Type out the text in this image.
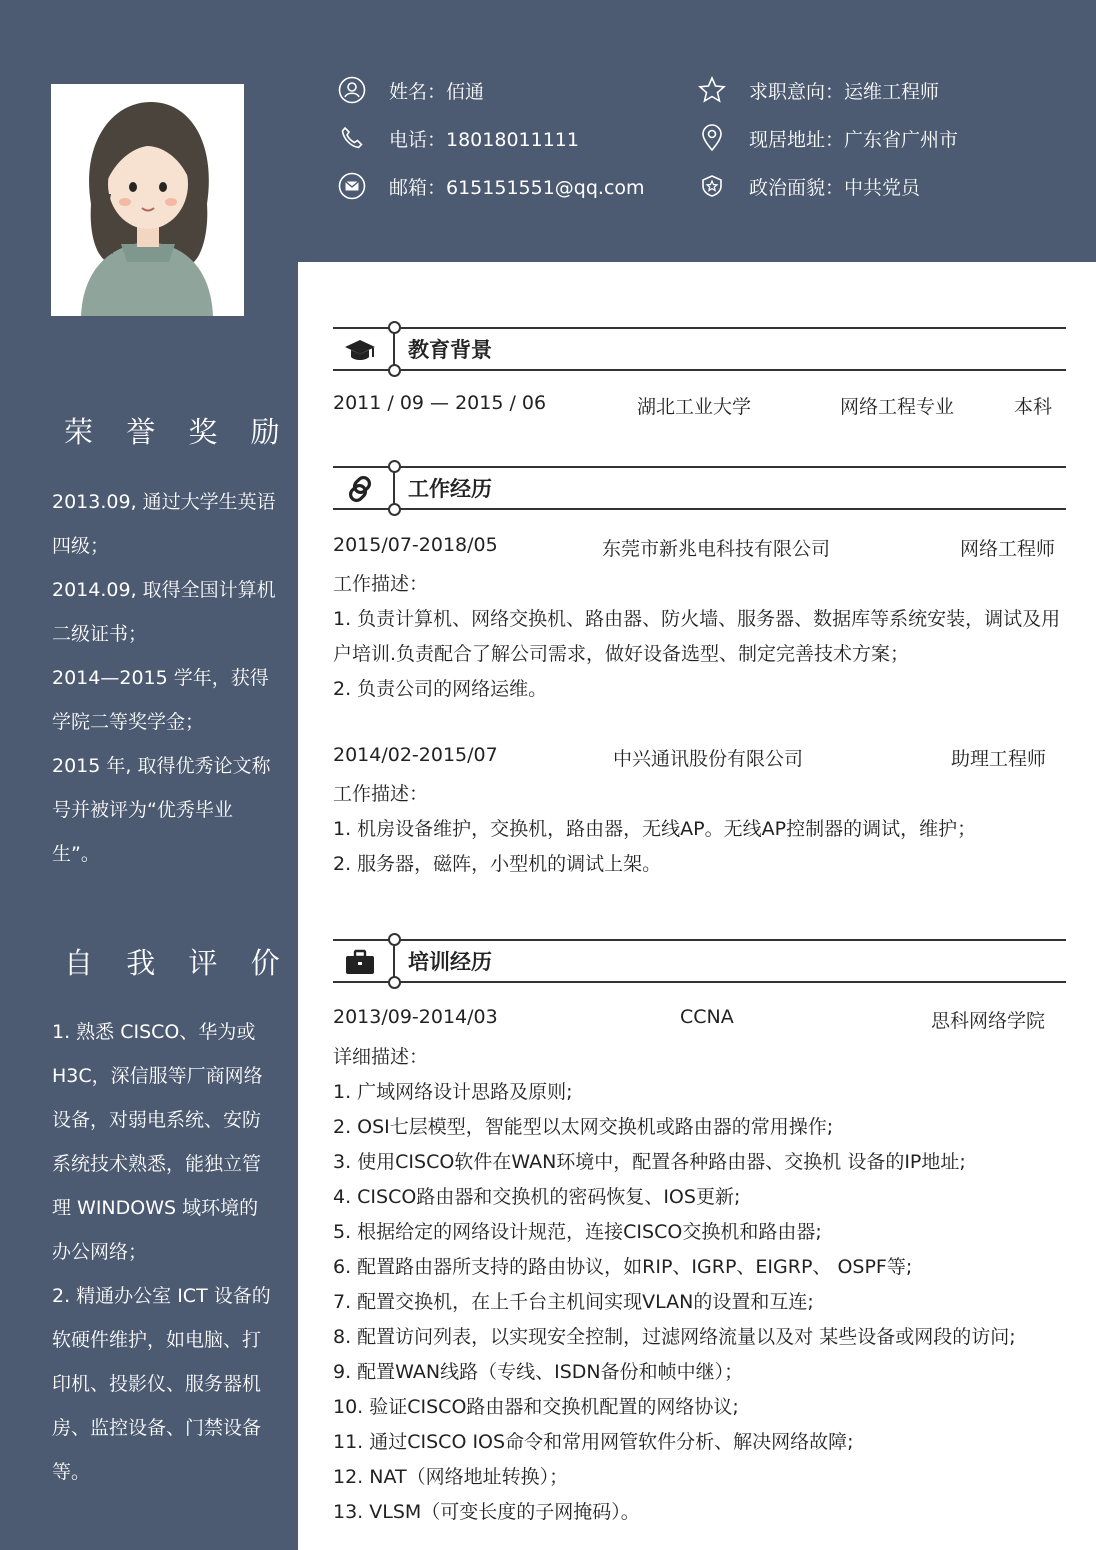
姓名：佰通	求职意向：运维工程师
电话：18018011111	现居地址：广东省广州市
邮箱：615151551@qq.com	政治面貌：中共党员
荣 誉 奖 励
2013.09, 通过大学生英语
四级；
2014.09, 取得全国计算机
二级证书；
2014—2015 学年，获得
学院二等奖学金；
2015 年, 取得优秀论文称
号并被评为“优秀毕业
生”。
自 我 评 价
1. 熟悉 CISCO、华为或
H3C，深信服等厂商网络
设备，对弱电系统、安防
系统技术熟悉，能独立管
理 WINDOWS 域环境的
办公网络；
2. 精通办公室 ICT 设备的
软硬件维护，如电脑、打
印机、投影仪、服务器机
房、监控设备、门禁设备
等。
教育背景
2011 / 09 — 2015 / 06	湖北工业大学	网络工程专业	本科
工作经历
2015/07-2018/05	东莞市新兆电科技有限公司	网络工程师
工作描述：
1. 负责计算机、网络交换机、路由器、防火墙、服务器、数据库等系统安装，调试及用
户培训.负责配合了解公司需求，做好设备选型、制定完善技术方案；
2. 负责公司的网络运维。
2014/02-2015/07	中兴通讯股份有限公司	助理工程师
工作描述：
1. 机房设备维护，交换机，路由器，无线AP。无线AP控制器的调试，维护；
2. 服务器，磁阵，小型机的调试上架。
培训经历
2013/09-2014/03	CCNA	思科网络学院
详细描述：
1. 广域网络设计思路及原则;
2. OSI七层模型，智能型以太网交换机或路由器的常用操作;
3. 使用CISCO软件在WAN环境中，配置各种路由器、交换机 设备的IP地址;
4. CISCO路由器和交换机的密码恢复、IOS更新;
5. 根据给定的网络设计规范，连接CISCO交换机和路由器;
6. 配置路由器所支持的路由协议，如RIP、IGRP、EIGRP、 OSPF等;
7. 配置交换机，在上千台主机间实现VLAN的设置和互连;
8. 配置访问列表，以实现安全控制，过滤网络流量以及对 某些设备或网段的访问;
9. 配置WAN线路（专线、ISDN备份和帧中继）；
10. 验证CISCO路由器和交换机配置的网络协议;
11. 通过CISCO IOS命令和常用网管软件分析、解决网络故障;
12. NAT（网络地址转换）；
13. VLSM（可变长度的子网掩码）。
